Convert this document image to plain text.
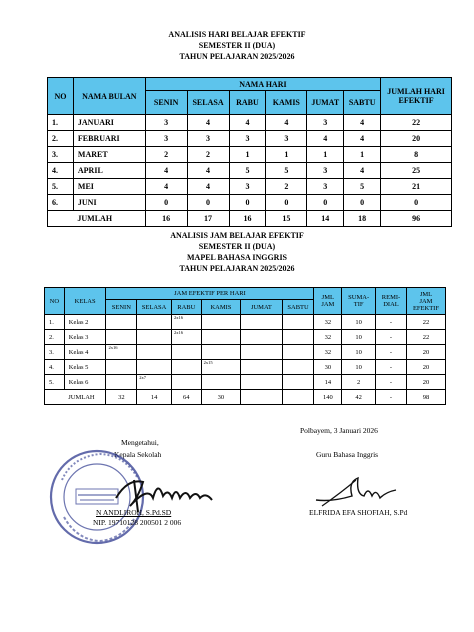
ANALISIS HARI BELAJAR EFEKTIF
SEMESTER II (DUA)
TAHUN PELAJARAN 2025/2026
NO	NAMA BULAN	NAMA HARI						JUMLAH HARI EFEKTIF
		SENIN	SELASA	RABU	KAMIS	JUMAT	SABTU	
1.	JANUARI	3	4	4	4	3	4	22
2.	FEBRUARI	3	3	3	3	4	4	20
3.	MARET	2	2	1	1	1	1	8
4.	APRIL	4	4	5	5	3	4	25
5.	MEI	4	4	3	2	3	5	21
6.	JUNI	0	0	0	0	0	0	0
	JUMLAH	16	17	16	15	14	18	96
ANALISIS JAM BELAJAR EFEKTIF
SEMESTER II (DUA)
MAPEL BAHASA INGGRIS
TAHUN PELAJARAN 2025/2026
NO	KELAS	JAM EFEKTIF PER HARI						JML JAM	SUMA- TIF	REMI- DIAL	JML JAM EFEKTIF
		SENIN	SELASA	RABU	KAMIS	JUMAT	SABTU				
1.	Kelas 2			2x16				32	10	-	22
2.	Kelas 3			2x16				32	10	-	22
3.	Kelas 4	2x16						32	10	-	20
4.	Kelas 5				2x15			30	10	-	20
5.	Kelas 6		2x7					14	2	-	20
	JUMLAH	32	14	64	30			140	42	-	98
Polbayem, 3 Januari 2026
Mengetahui,
Kepala Sekolah	Guru Bahasa Inggris
N ANDLIROH, S.Pd.SD
NIP. 19710128 200501 2 006
ELFRIDA EFA SHOFIAH, S.Pd
